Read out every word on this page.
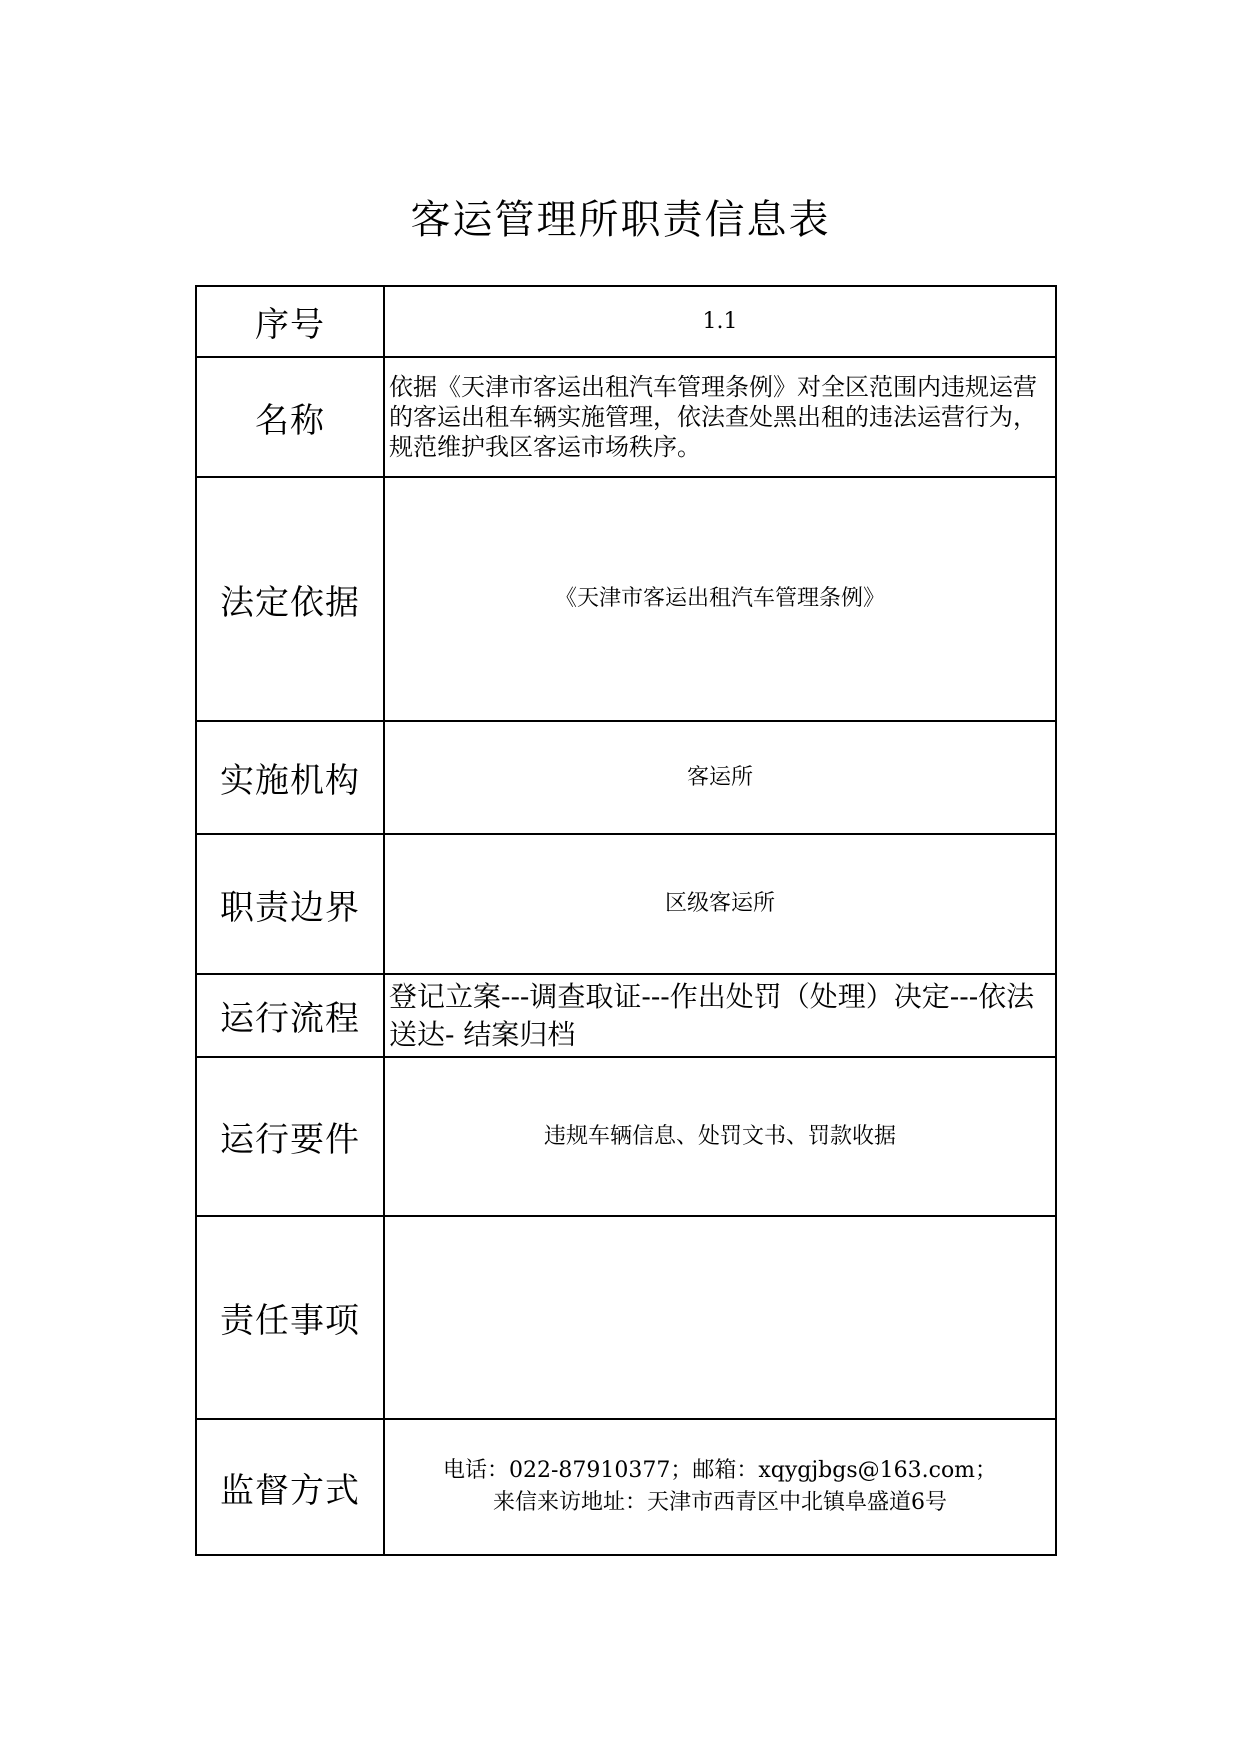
客运管理所职责信息表
序号	1.1

名称	依据《天津市客运出租汽车管理条例》对全区范围内违规运营的客运出租车辆实施管理，依法查处黑出租的违法运营行为，规范维护我区客运市场秩序。

法定依据	《天津市客运出租汽车管理条例》

实施机构	客运所

职责边界	区级客运所

运行流程	登记立案---调查取证---作出处罚（处理）决定---依法送达- 结案归档

运行要件	违规车辆信息、处罚文书、罚款收据

责任事项	

监督方式	电话：022-87910377；邮箱：xqygjbgs@163.com；
来信来访地址：天津市西青区中北镇阜盛道6号
